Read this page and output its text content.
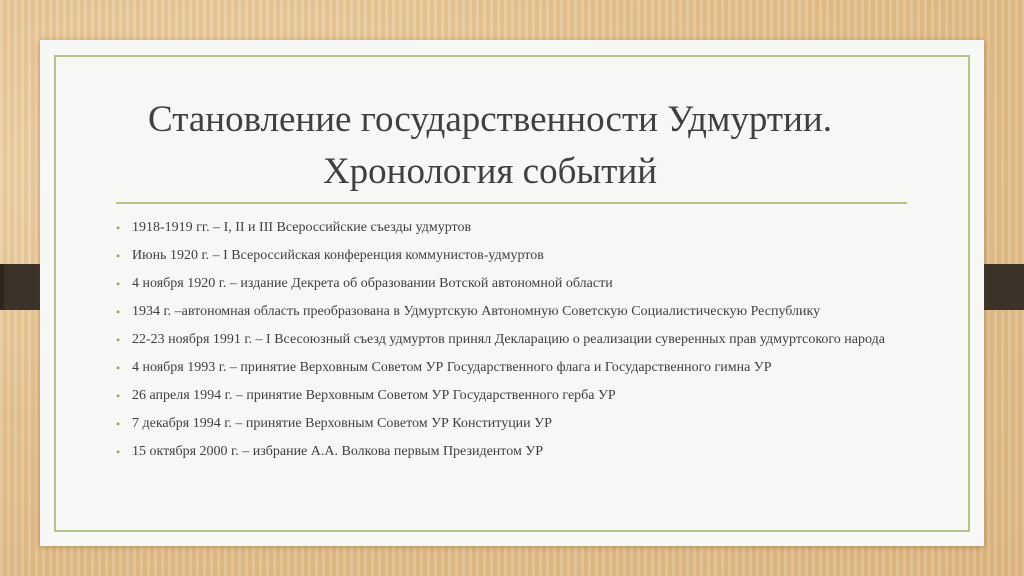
Становление государственности Удмуртии.
Хронология событий
• 1918-1919 гг. – I, II и III Всероссийские съезды удмуртов
• Июнь 1920 г. – I Всероссийская конференция коммунистов-удмуртов
• 4 ноября 1920 г. – издание Декрета об образовании Вотской автономной области
• 1934 г. –автономная область преобразована в Удмуртскую Автономную Советскую Социалистическую Республику
• 22-23 ноября 1991 г. – I Всесоюзный съезд удмуртов принял Декларацию о реализации суверенных прав удмуртсокого народа
• 4 ноября 1993 г. – принятие Верховным Советом УР Государственного флага и Государственного гимна УР
• 26 апреля 1994 г. – принятие Верховным Советом УР Государственного герба УР
• 7 декабря 1994 г. – принятие Верховным Советом УР Конституции УР
• 15 октября 2000 г. – избрание А.А. Волкова первым Президентом УР
